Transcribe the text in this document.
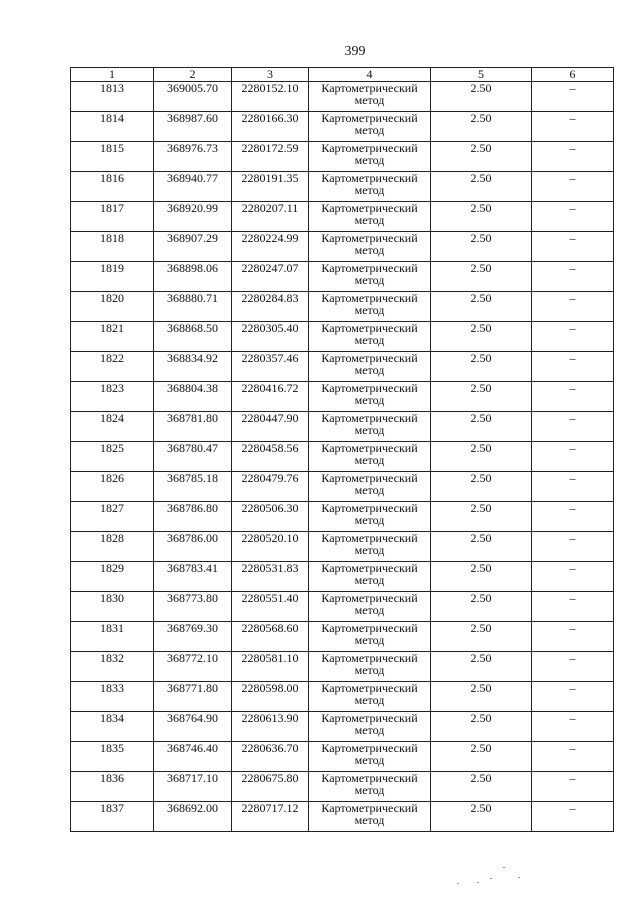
399
1	2	3	4	5	6
1813	369005.70	2280152.10	Картометрический метод	2.50	–
1814	368987.60	2280166.30	Картометрический метод	2.50	–
1815	368976.73	2280172.59	Картометрический метод	2.50	–
1816	368940.77	2280191.35	Картометрический метод	2.50	–
1817	368920.99	2280207.11	Картометрический метод	2.50	–
1818	368907.29	2280224.99	Картометрический метод	2.50	–
1819	368898.06	2280247.07	Картометрический метод	2.50	–
1820	368880.71	2280284.83	Картометрический метод	2.50	–
1821	368868.50	2280305.40	Картометрический метод	2.50	–
1822	368834.92	2280357.46	Картометрический метод	2.50	–
1823	368804.38	2280416.72	Картометрический метод	2.50	–
1824	368781.80	2280447.90	Картометрический метод	2.50	–
1825	368780.47	2280458.56	Картометрический метод	2.50	–
1826	368785.18	2280479.76	Картометрический метод	2.50	–
1827	368786.80	2280506.30	Картометрический метод	2.50	–
1828	368786.00	2280520.10	Картометрический метод	2.50	–
1829	368783.41	2280531.83	Картометрический метод	2.50	–
1830	368773.80	2280551.40	Картометрический метод	2.50	–
1831	368769.30	2280568.60	Картометрический метод	2.50	–
1832	368772.10	2280581.10	Картометрический метод	2.50	–
1833	368771.80	2280598.00	Картометрический метод	2.50	–
1834	368764.90	2280613.90	Картометрический метод	2.50	–
1835	368746.40	2280636.70	Картометрический метод	2.50	–
1836	368717.10	2280675.80	Картометрический метод	2.50	–
1837	368692.00	2280717.12	Картометрический метод	2.50	–
